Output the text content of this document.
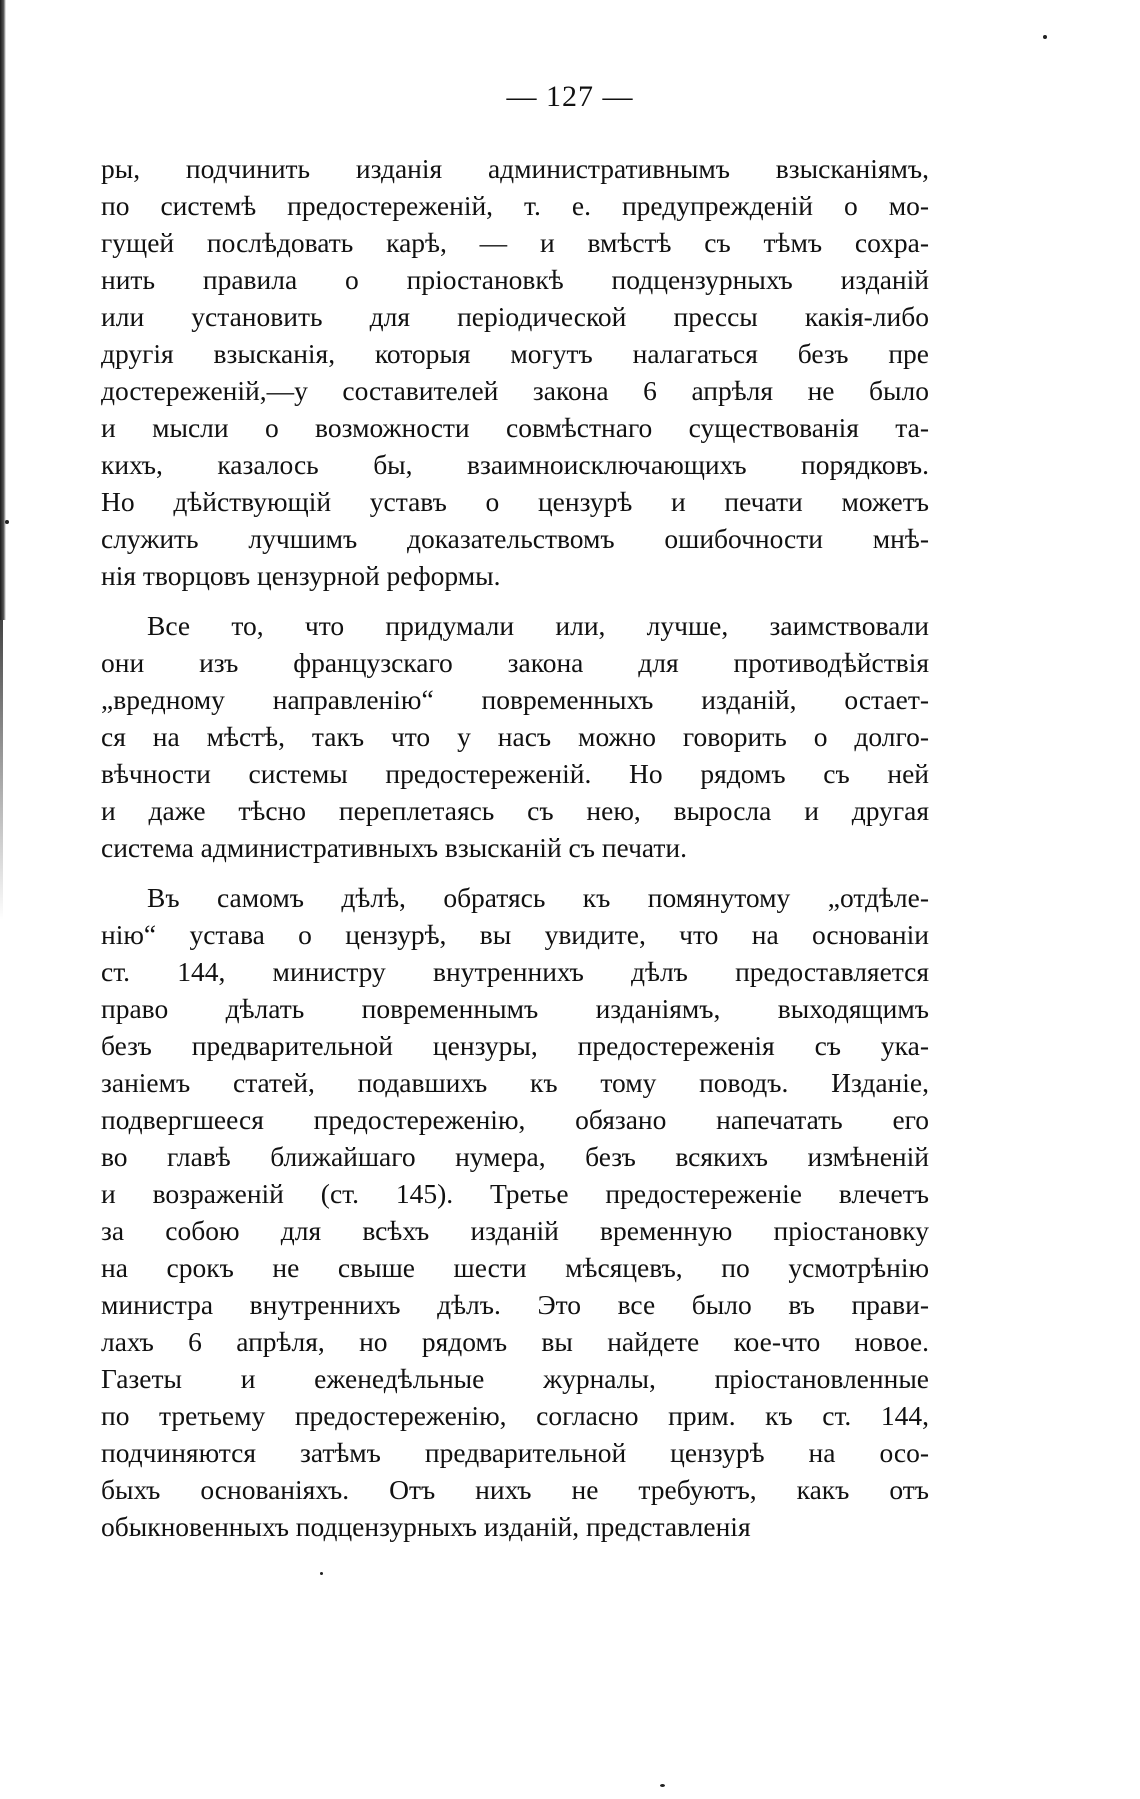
— 127 —
ры, подчинить изданія административнымъ взысканіямъ,
по системѣ предостереженій, т. е. предупрежденій о мо-
гущей послѣдовать карѣ, — и вмѣстѣ съ тѣмъ сохра-
нить правила о пріостановкѣ подцензурныхъ изданій
или установить для періодической прессы какія-либо
другія взысканія, которыя могутъ налагаться безъ пре
достереженій,—у составителей закона 6 апрѣля не было
и мысли о возможности совмѣстнаго существованія та-
кихъ, казалось бы, взаимноисключающихъ порядковъ.
Но дѣйствующій уставъ о цензурѣ и печати можетъ
служить лучшимъ доказательствомъ ошибочности мнѣ-
нія творцовъ цензурной реформы.
Все то, что придумали или, лучше, заимствовали
они изъ французскаго закона для противодѣйствія
„вредному направленію“ повременныхъ изданій, остает-
ся на мѣстѣ, такъ что у насъ можно говорить о долго-
вѣчности системы предостереженій. Но рядомъ съ ней
и даже тѣсно переплетаясь съ нею, выросла и другая
система административныхъ взысканій съ печати.
Въ самомъ дѣлѣ, обратясь къ помянутому „отдѣле-
нію“ устава о цензурѣ, вы увидите, что на основаніи
ст. 144, министру внутреннихъ дѣлъ предоставляется
право дѣлать повременнымъ изданіямъ, выходящимъ
безъ предварительной цензуры, предостереженія съ ука-
заніемъ статей, подавшихъ къ тому поводъ. Изданіе,
подвергшееся предостереженію, обязано напечатать его
во главѣ ближайшаго нумера, безъ всякихъ измѣненій
и возраженій (ст. 145). Третье предостереженіе влечетъ
за собою для всѣхъ изданій временную пріостановку
на срокъ не свыше шести мѣсяцевъ, по усмотрѣнію
министра внутреннихъ дѣлъ. Это все было въ прави-
лахъ 6 апрѣля, но рядомъ вы найдете кое-что новое.
Газеты и еженедѣльные журналы, пріостановленные
по третьему предостереженію, согласно прим. къ ст. 144,
подчиняются затѣмъ предварительной цензурѣ на осо-
быхъ основаніяхъ. Отъ нихъ не требуютъ, какъ отъ
обыкновенныхъ подцензурныхъ изданій, представленія
